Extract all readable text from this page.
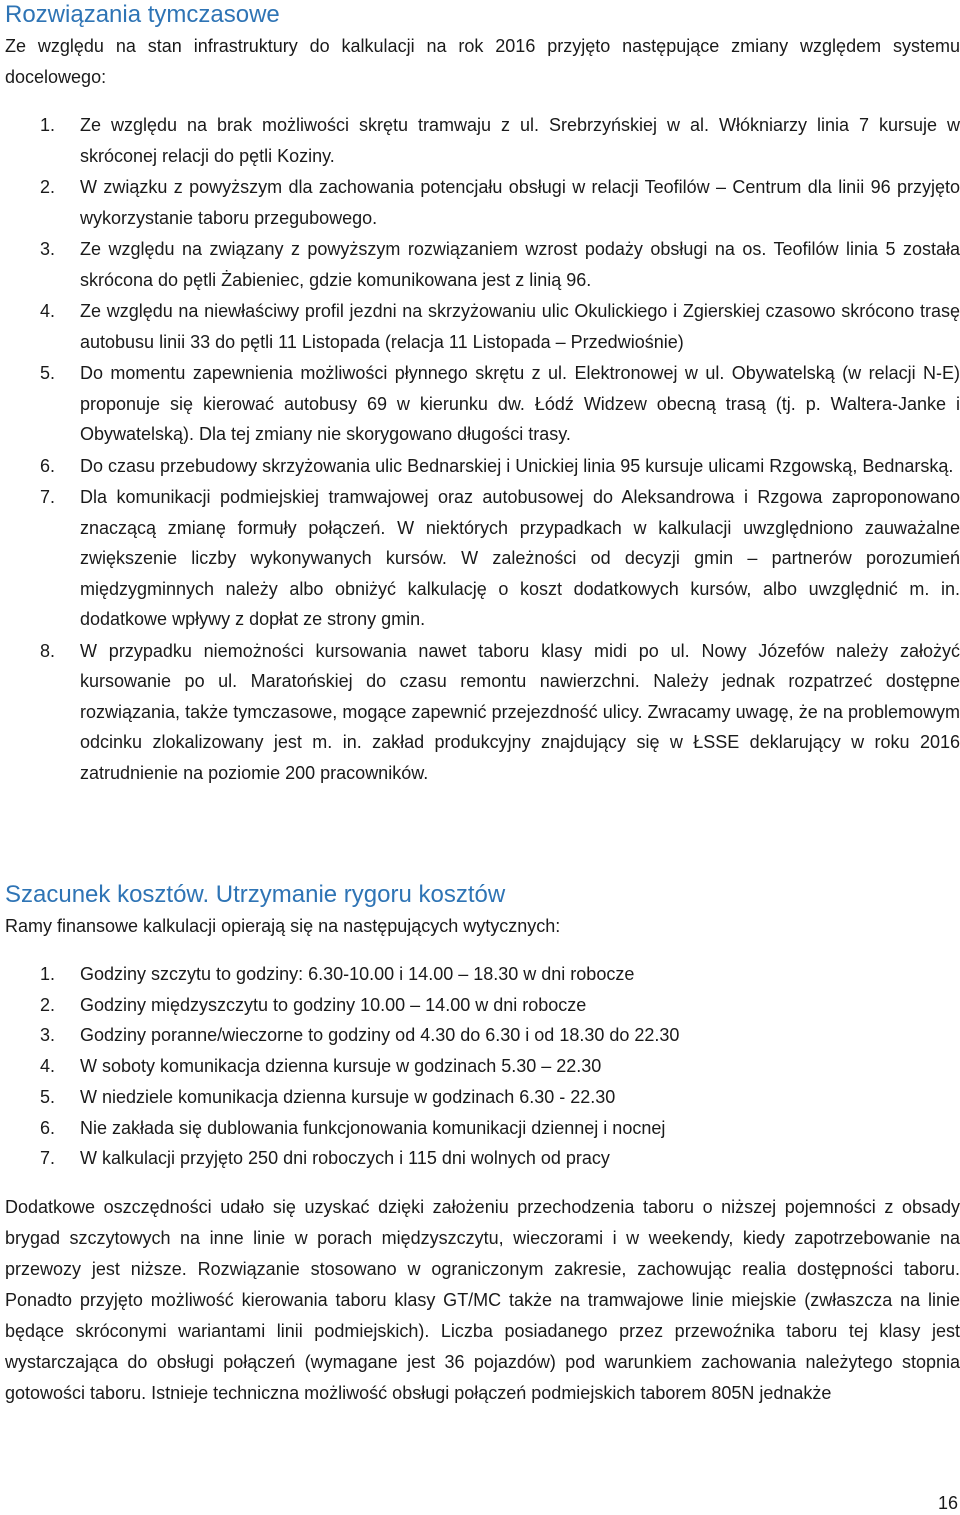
Rozwiązania tymczasowe

Ze względu na stan infrastruktury do kalkulacji na rok 2016 przyjęto następujące zmiany względem systemu docelowego:

1. Ze względu na brak możliwości skrętu tramwaju z ul. Srebrzyńskiej w al. Włókniarzy linia 7 kursuje w skróconej relacji do pętli Koziny.
2. W związku z powyższym dla zachowania potencjału obsługi w relacji Teofilów – Centrum dla linii 96 przyjęto wykorzystanie taboru przegubowego.
3. Ze względu na związany z powyższym rozwiązaniem wzrost podaży obsługi na os. Teofilów linia 5 została skrócona do pętli Żabieniec, gdzie komunikowana jest z linią 96.
4. Ze względu na niewłaściwy profil jezdni na skrzyżowaniu ulic Okulickiego i Zgierskiej czasowo skrócono trasę autobusu linii 33 do pętli 11 Listopada (relacja 11 Listopada – Przedwiośnie)
5. Do momentu zapewnienia możliwości płynnego skrętu z ul. Elektronowej w ul. Obywatelską (w relacji N-E) proponuje się kierować autobusy 69 w kierunku dw. Łódź Widzew obecną trasą (tj. p. Waltera-Janke i Obywatelską). Dla tej zmiany nie skorygowano długości trasy.
6. Do czasu przebudowy skrzyżowania ulic Bednarskiej i Unickiej linia 95 kursuje ulicami Rzgowską, Bednarską.
7. Dla komunikacji podmiejskiej tramwajowej oraz autobusowej do Aleksandrowa i Rzgowa zaproponowano znaczącą zmianę formuły połączeń. W niektórych przypadkach w kalkulacji uwzględniono zauważalne zwiększenie liczby wykonywanych kursów. W zależności od decyzji gmin – partnerów porozumień międzygminnych należy albo obniżyć kalkulację o koszt dodatkowych kursów, albo uwzględnić m. in. dodatkowe wpływy z dopłat ze strony gmin.
8. W przypadku niemożności kursowania nawet taboru klasy midi po ul. Nowy Józefów należy założyć kursowanie po ul. Maratońskiej do czasu remontu nawierzchni. Należy jednak rozpatrzeć dostępne rozwiązania, także tymczasowe, mogące zapewnić przejezdność ulicy. Zwracamy uwagę, że na problemowym odcinku zlokalizowany jest m. in. zakład produkcyjny znajdujący się w ŁSSE deklarujący w roku 2016 zatrudnienie na poziomie 200 pracowników.
Szacunek kosztów. Utrzymanie rygoru kosztów

Ramy finansowe kalkulacji opierają się na następujących wytycznych:

1. Godziny szczytu to godziny: 6.30-10.00 i 14.00 – 18.30 w dni robocze
2. Godziny międzyszczytu to godziny 10.00 – 14.00 w dni robocze
3. Godziny poranne/wieczorne to godziny od 4.30 do 6.30 i od 18.30 do 22.30
4. W soboty komunikacja dzienna kursuje w godzinach 5.30 – 22.30
5. W niedziele komunikacja dzienna kursuje w godzinach 6.30 - 22.30
6. Nie zakłada się dublowania funkcjonowania komunikacji dziennej i nocnej
7. W kalkulacji przyjęto 250 dni roboczych i 115 dni wolnych od pracy

Dodatkowe oszczędności udało się uzyskać dzięki założeniu przechodzenia taboru o niższej pojemności z obsady brygad szczytowych na inne linie w porach międzyszczytu, wieczorami i w weekendy, kiedy zapotrzebowanie na przewozy jest niższe. Rozwiązanie stosowano w ograniczonym zakresie, zachowując realia dostępności taboru. Ponadto przyjęto możliwość kierowania taboru klasy GT/MC także na tramwajowe linie miejskie (zwłaszcza na linie będące skróconymi wariantami linii podmiejskich). Liczba posiadanego przez przewoźnika taboru tej klasy jest wystarczająca do obsługi połączeń (wymagane jest 36 pojazdów) pod warunkiem zachowania należytego stopnia gotowości taboru. Istnieje techniczna możliwość obsługi połączeń podmiejskich taborem 805N jednakże

16
